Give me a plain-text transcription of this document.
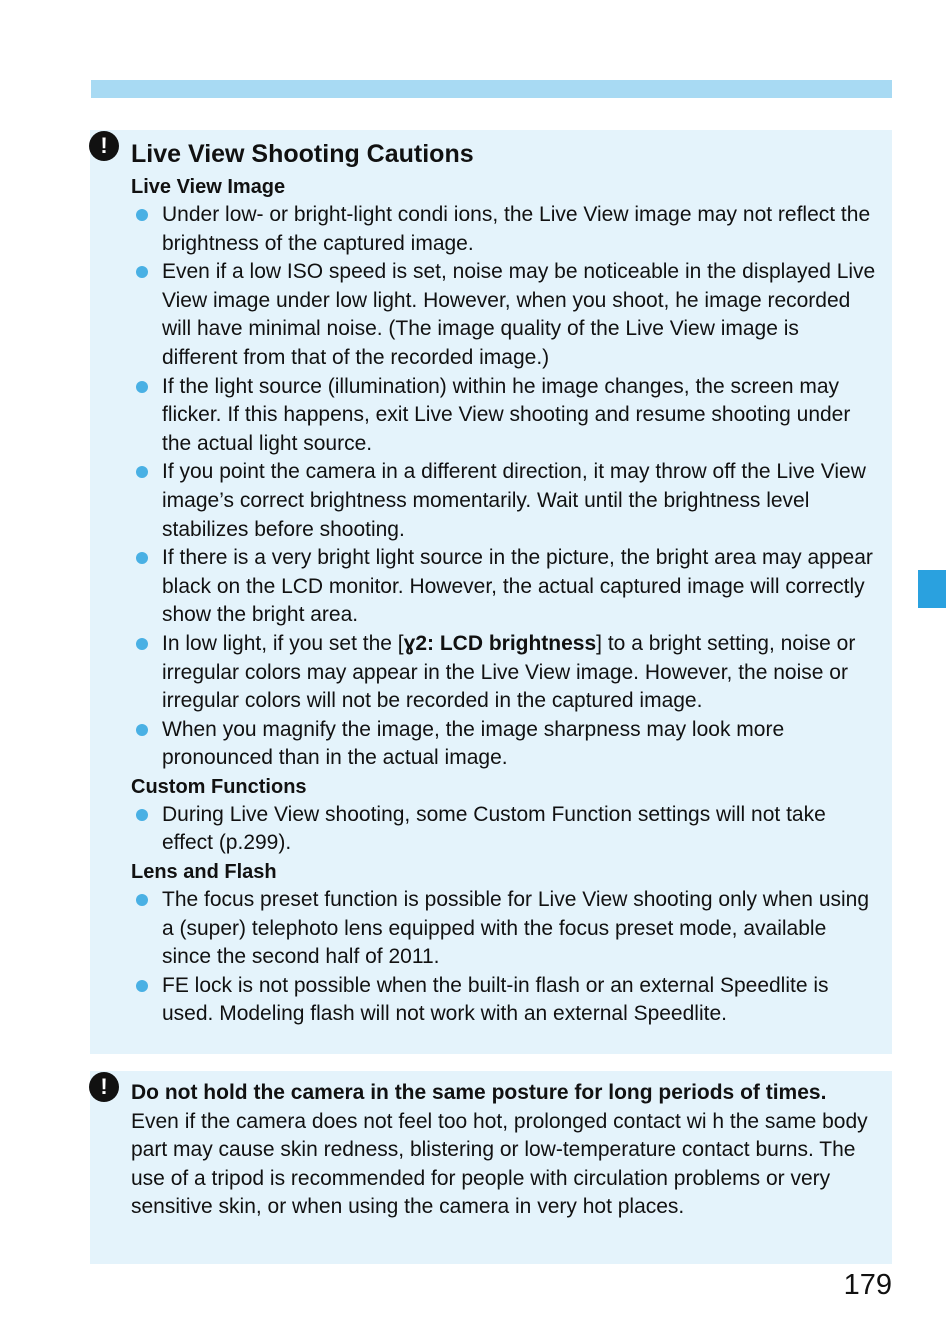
! Live View Shooting Cautions
Live View Image
Under low- or bright-light condi ions, the Live View image may not reflect the brightness of the captured image.
Even if a low ISO speed is set, noise may be noticeable in the displayed Live View image under low light. However, when you shoot, he image recorded will have minimal noise. (The image quality of the Live View image is different from that of the recorded image.)
If the light source (illumination) within he image changes, the screen may flicker. If this happens, exit Live View shooting and resume shooting under the actual light source.
If you point the camera in a different direction, it may throw off the Live View image’s correct brightness momentarily. Wait until the brightness level stabilizes before shooting.
If there is a very bright light source in the picture, the bright area may appear black on the LCD monitor. However, the actual captured image will correctly show the bright area.
In low light, if you set the [ɣ2: LCD brightness] to a bright setting, noise or irregular colors may appear in the Live View image. However, the noise or irregular colors will not be recorded in the captured image.
When you magnify the image, the image sharpness may look more pronounced than in the actual image.
Custom Functions
During Live View shooting, some Custom Function settings will not take effect (p.299).
Lens and Flash
The focus preset function is possible for Live View shooting only when using a (super) telephoto lens equipped with the focus preset mode, available since the second half of 2011.
FE lock is not possible when the built-in flash or an external Speedlite is used. Modeling flash will not work with an external Speedlite.
!	Do not hold the camera in the same posture for long periods of times.

Even if the camera does not feel too hot, prolonged contact wi h the same body part may cause skin redness, blistering or low-temperature contact burns. The use of a tripod is recommended for people with circulation problems or very sensitive skin, or when using the camera in very hot places.

179
